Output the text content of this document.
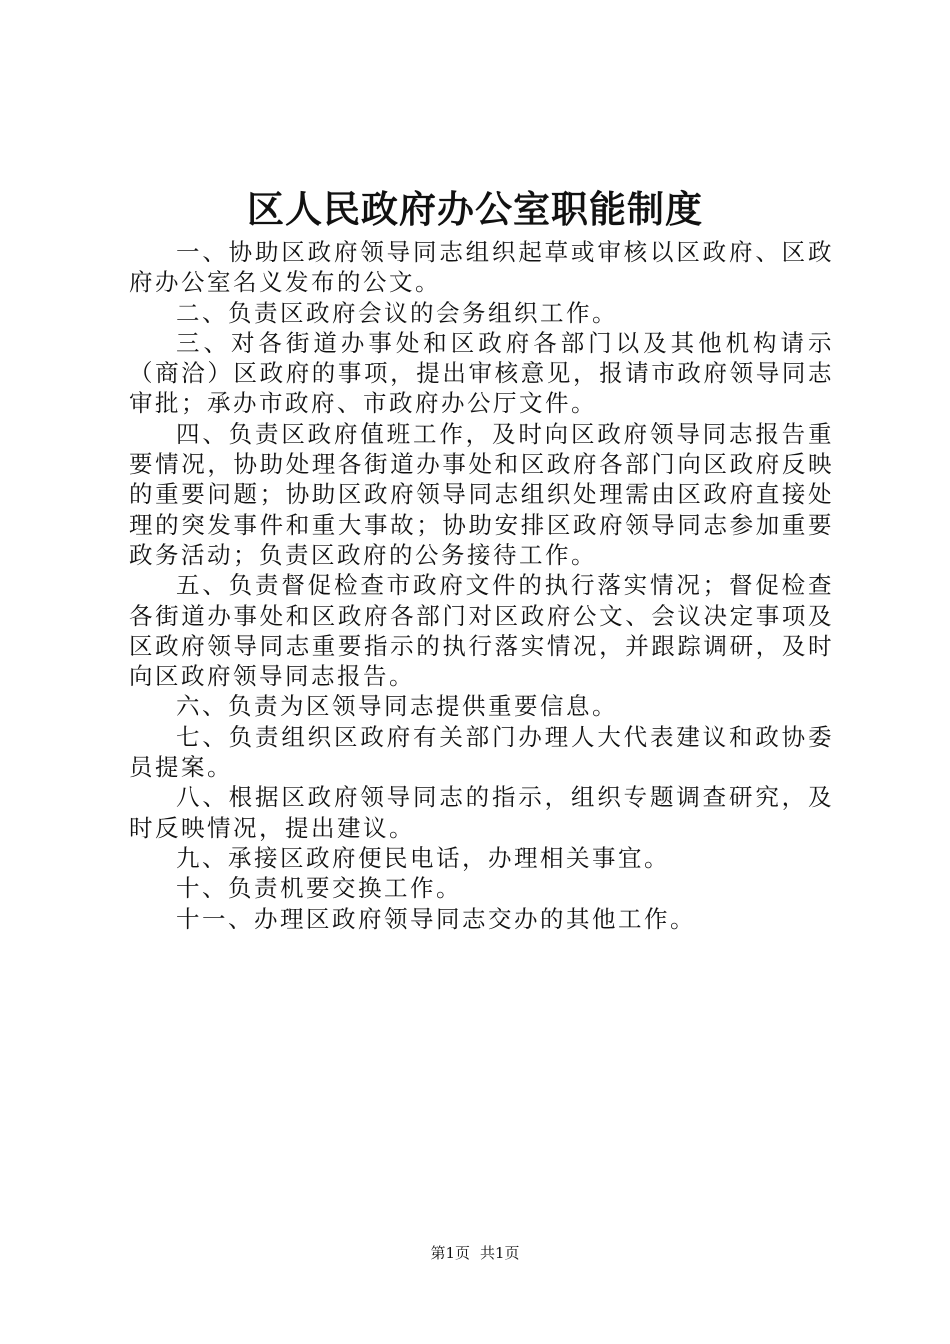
区人民政府办公室职能制度

一、协助区政府领导同志组织起草或审核以区政府、区政府办公室名义发布的公文。

二、负责区政府会议的会务组织工作。

三、对各街道办事处和区政府各部门以及其他机构请示（商洽）区政府的事项，提出审核意见，报请市政府领导同志审批；承办市政府、市政府办公厅文件。

四、负责区政府值班工作，及时向区政府领导同志报告重要情况，协助处理各街道办事处和区政府各部门向区政府反映的重要问题；协助区政府领导同志组织处理需由区政府直接处理的突发事件和重大事故；协助安排区政府领导同志参加重要政务活动；负责区政府的公务接待工作。

五、负责督促检查市政府文件的执行落实情况；督促检查各街道办事处和区政府各部门对区政府公文、会议决定事项及区政府领导同志重要指示的执行落实情况，并跟踪调研，及时向区政府领导同志报告。

六、负责为区领导同志提供重要信息。

七、负责组织区政府有关部门办理人大代表建议和政协委员提案。

八、根据区政府领导同志的指示，组织专题调查研究，及时反映情况，提出建议。

九、承接区政府便民电话，办理相关事宜。

十、负责机要交换工作。

十一、办理区政府领导同志交办的其他工作。

第1页 共1页
